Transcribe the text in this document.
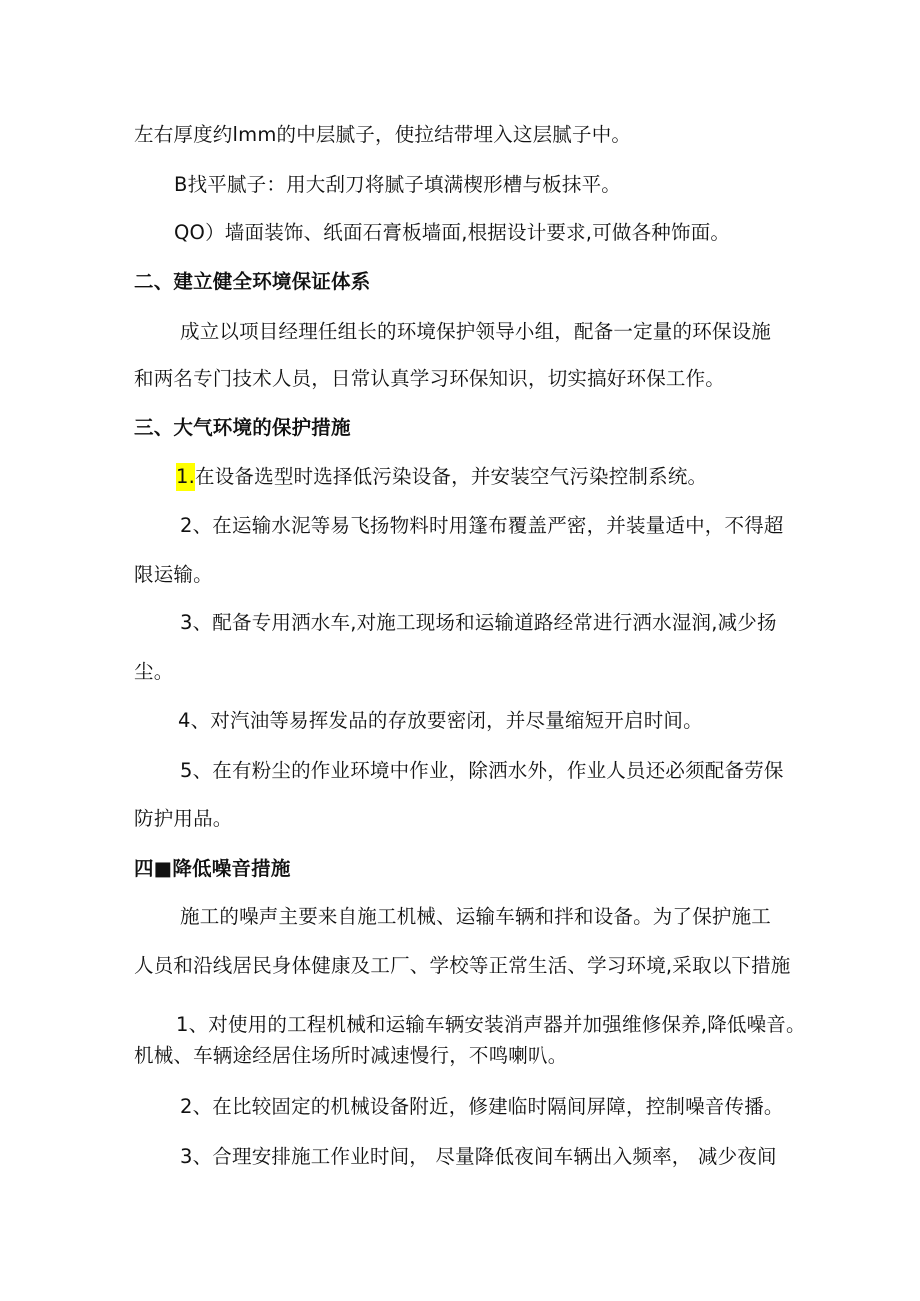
左右厚度约lmm的中层腻子，使拉结带埋入这层腻子中。
B找平腻子：用大刮刀将腻子填满楔形槽与板抹平。
QO）墙面装饰、纸面石膏板墙面,根据设计要求,可做各种饰面。
二、建立健全环境保证体系
成立以项目经理任组长的环境保护领导小组，配备一定量的环保设施
和两名专门技术人员，日常认真学习环保知识，切实搞好环保工作。
三、大气环境的保护措施
1.在设备选型时选择低污染设备，并安装空气污染控制系统。
2、在运输水泥等易飞扬物料时用篷布覆盖严密，并装量适中，不得超
限运输。
3、配备专用洒水车,对施工现场和运输道路经常进行洒水湿润,减少扬
尘。
4、对汽油等易挥发品的存放要密闭，并尽量缩短开启时间。
5、在有粉尘的作业环境中作业，除洒水外，作业人员还必须配备劳保
防护用品。
四■降低噪音措施
施工的噪声主要来自施工机械、运输车辆和拌和设备。为了保护施工
人员和沿线居民身体健康及工厂、学校等正常生活、学习环境,采取以下措施
1、对使用的工程机械和运输车辆安装消声器并加强维修保养,降低噪音。
机械、车辆途经居住场所时减速慢行，不鸣喇叭。
2、在比较固定的机械设备附近，修建临时隔间屏障，控制噪音传播。
3、合理安排施工作业时间， 尽量降低夜间车辆出入频率， 减少夜间
